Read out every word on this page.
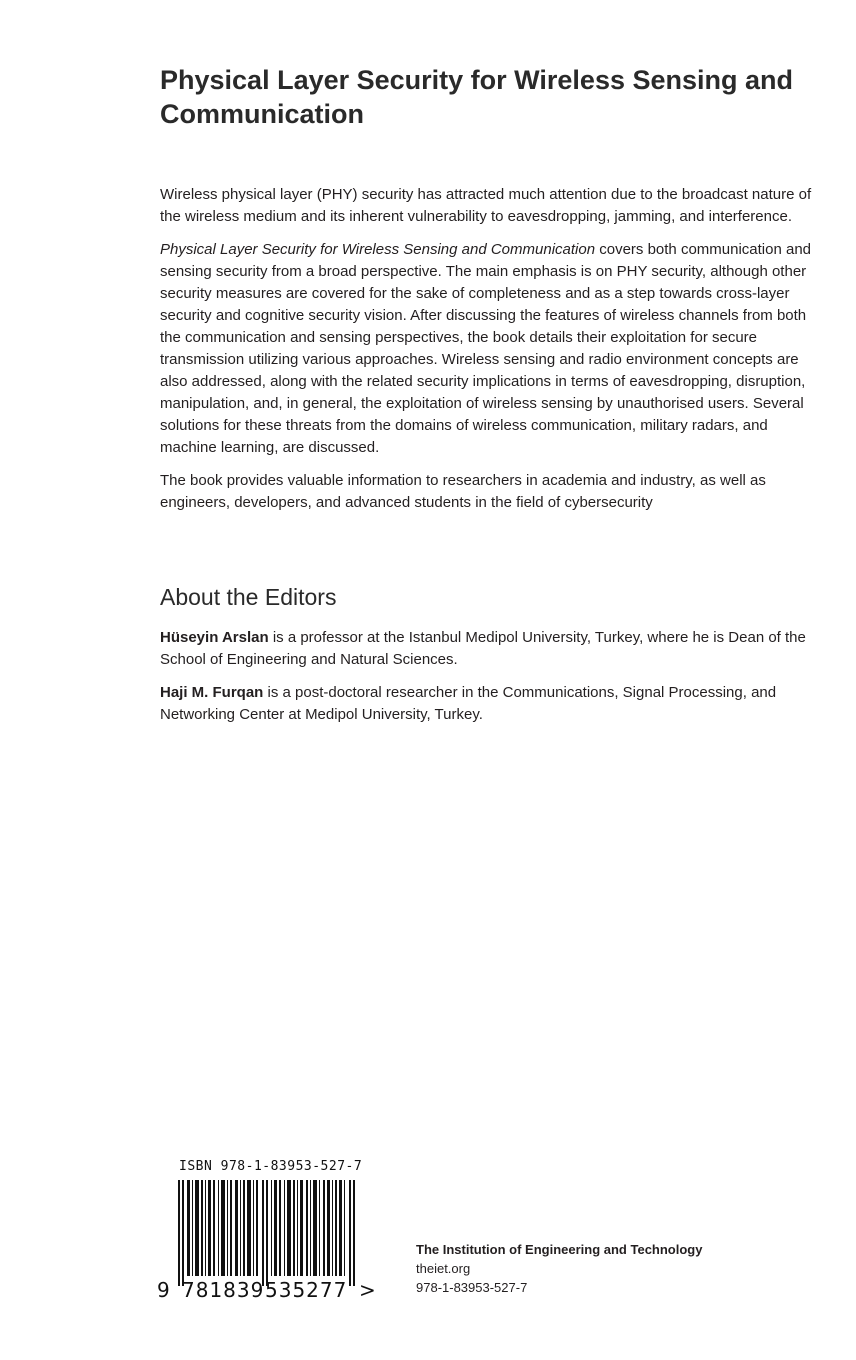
Physical Layer Security for Wireless Sensing and Communication

Wireless physical layer (PHY) security has attracted much attention due to the broadcast nature of the wireless medium and its inherent vulnerability to eavesdropping, jamming, and interference.

Physical Layer Security for Wireless Sensing and Communication covers both communication and sensing security from a broad perspective. The main emphasis is on PHY security, although other security measures are covered for the sake of completeness and as a step towards cross-layer security and cognitive security vision. After discussing the features of wireless channels from both the communication and sensing perspectives, the book details their exploitation for secure transmission utilizing various approaches. Wireless sensing and radio environment concepts are also addressed, along with the related security implications in terms of eavesdropping, disruption, manipulation, and, in general, the exploitation of wireless sensing by unauthorised users. Several solutions for these threats from the domains of wireless communication, military radars, and machine learning, are discussed.

The book provides valuable information to researchers in academia and industry, as well as engineers, developers, and advanced students in the field of cybersecurity

About the Editors

Hüseyin Arslan is a professor at the Istanbul Medipol University, Turkey, where he is Dean of the School of Engineering and Natural Sciences.

Haji M. Furqan is a post-doctoral researcher in the Communications, Signal Processing, and Networking Center at Medipol University, Turkey.

ISBN 978-1-83953-527-7
9 781839 535277 >
The Institution of Engineering and Technology
theiet.org
978-1-83953-527-7
